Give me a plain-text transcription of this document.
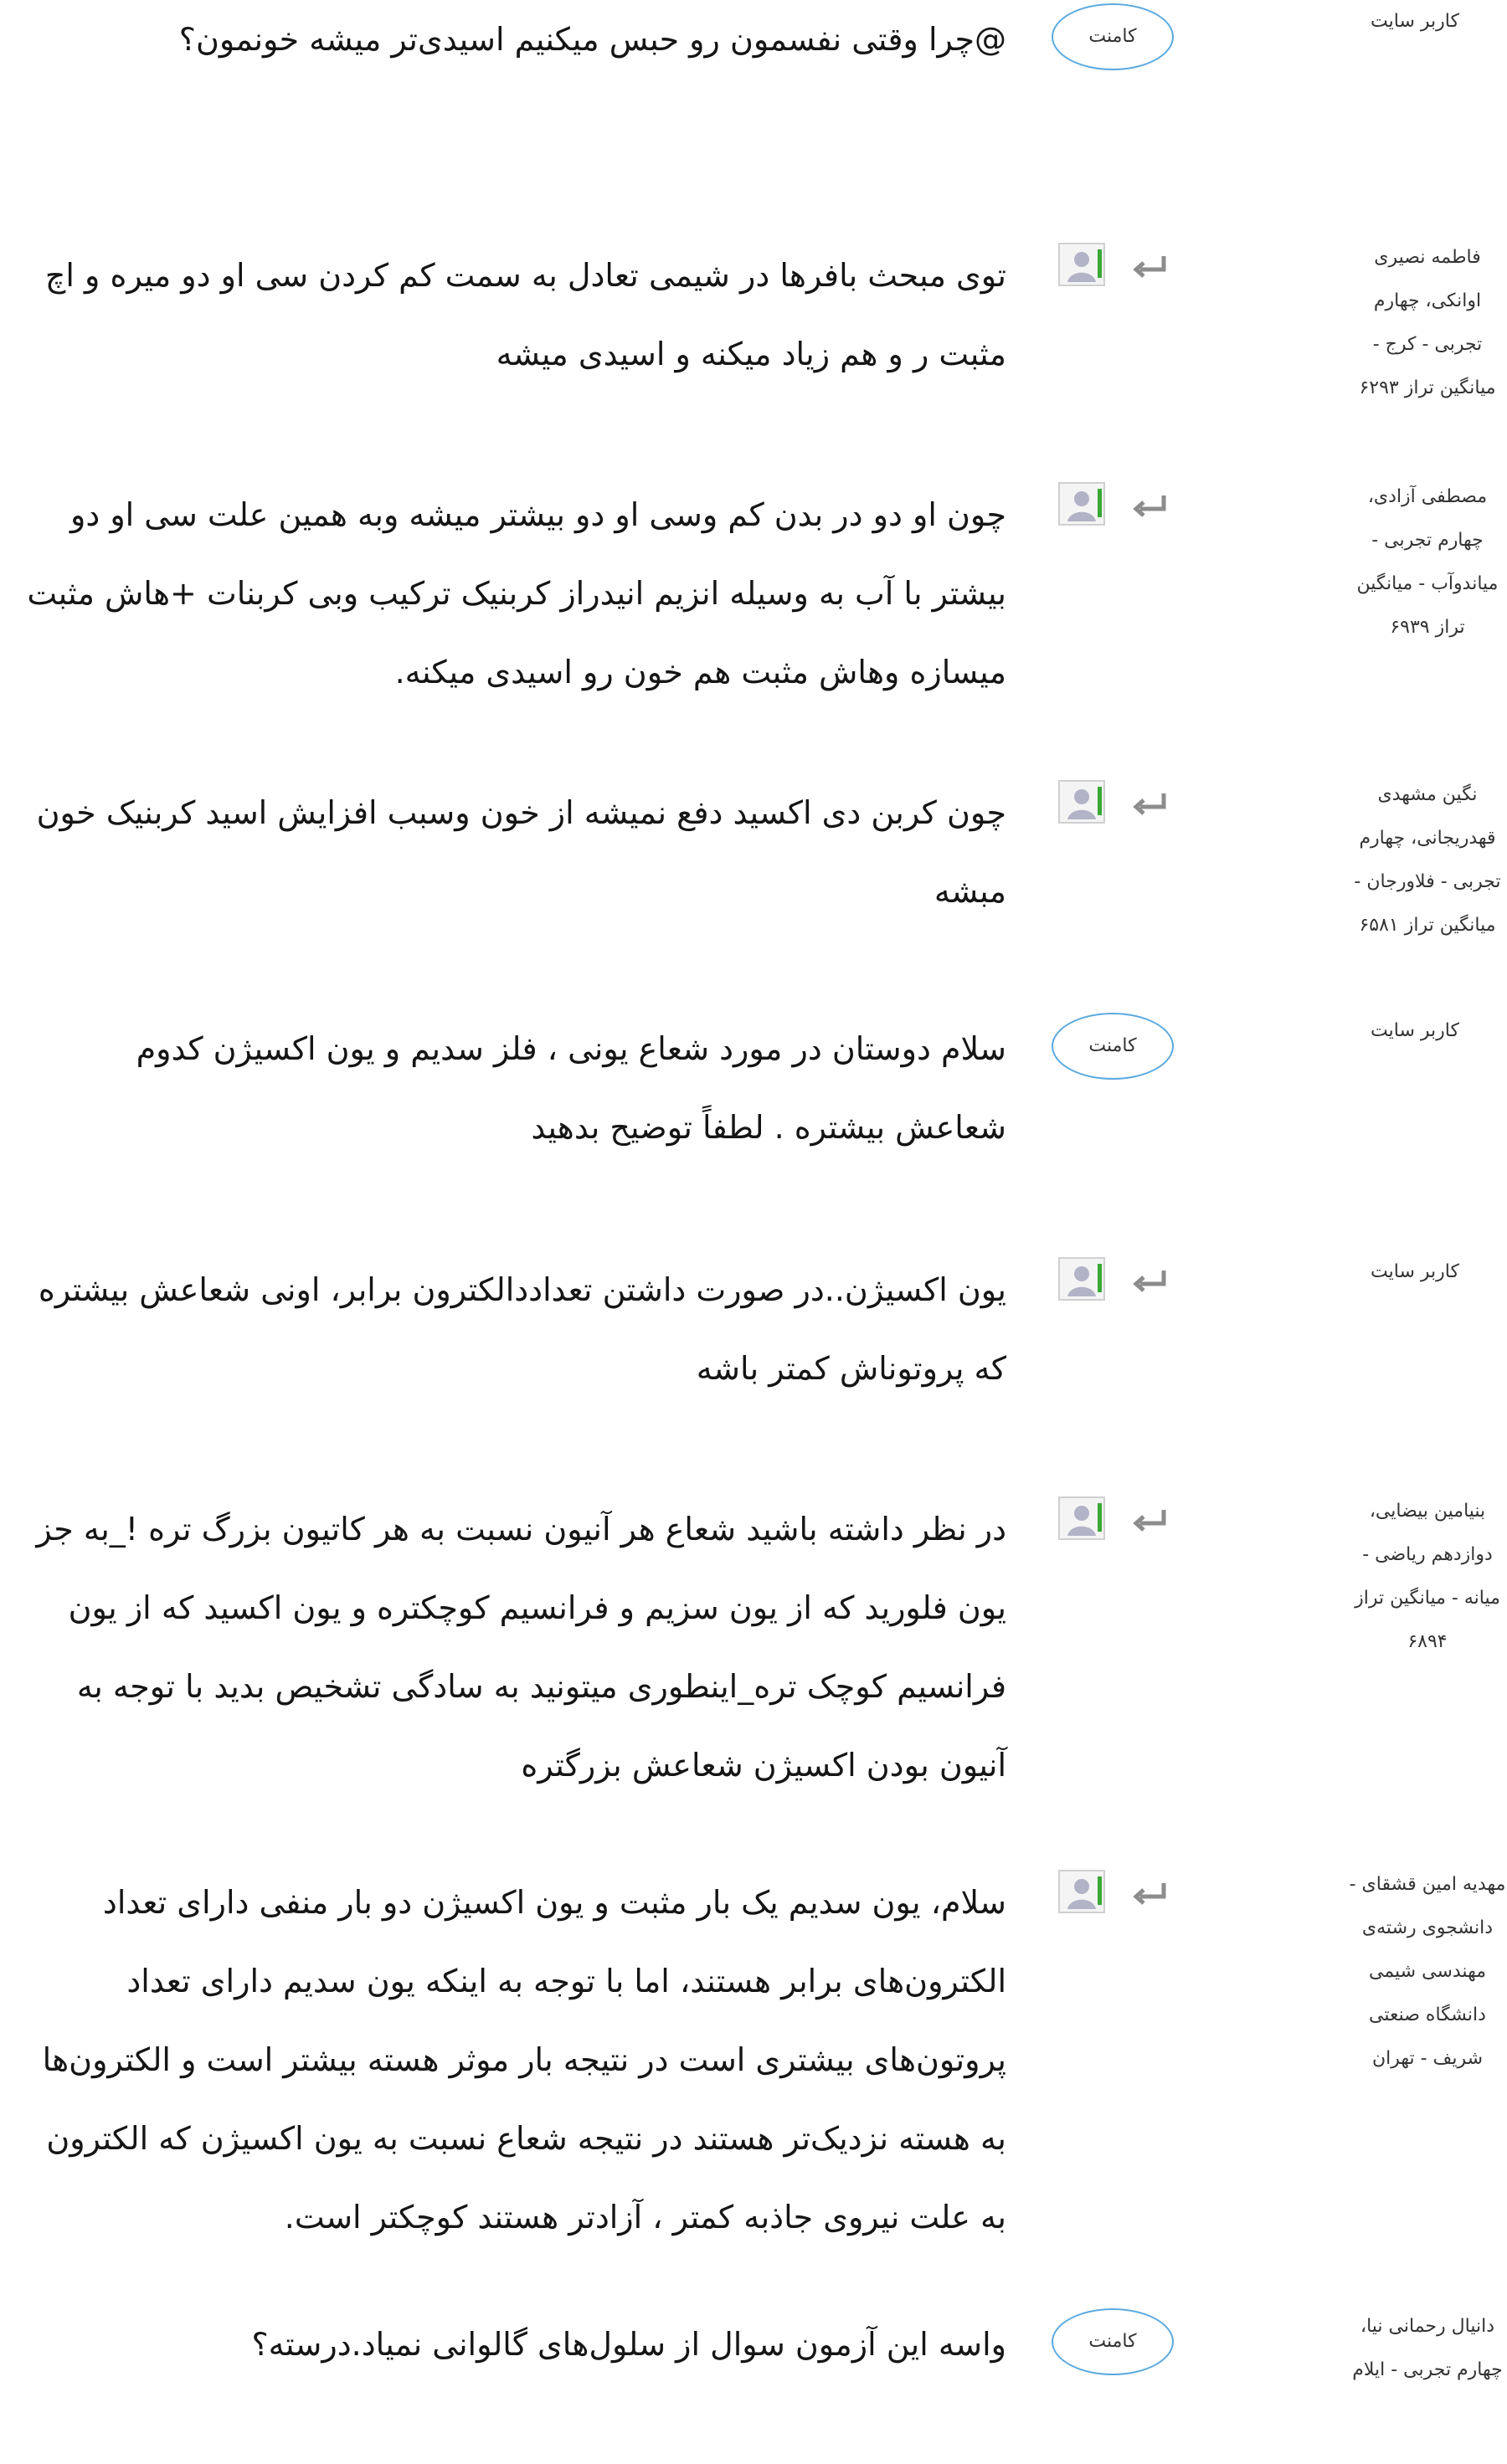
کاربر سایت
کامنت
@چرا وقتی نفسمون رو حبس میکنیم اسیدی‌تر میشه خونمون؟
فاطمه نصیری اوانکی، چهارم تجربی - کرج - میانگین تراز ۶۲۹۳
توی مبحث بافرها در شیمی تعادل به سمت کم کردن سی او دو میره و اچ مثبت ر و هم زیاد میکنه و اسیدی میشه
مصطفی آزادی، چهارم تجربی - میاندوآب - میانگین تراز ۶۹۳۹
چون او دو در بدن کم وسی او دو بیشتر میشه وبه همین علت سی او دو بیشتر با آب به وسیله انزیم انیدراز کربنیک ترکیب وبی کربنات +هاش مثبت میسازه وهاش مثبت هم خون رو اسیدی میکنه.
نگین مشهدی قهدریجانی، چهارم تجربی - فلاورجان - میانگین تراز ۶۵۸۱
چون کربن دی اکسید دفع نمیشه از خون وسبب افزایش اسید کربنیک خون مبشه
کاربر سایت
کامنت
سلام دوستان در مورد شعاع یونی ، فلز سدیم و یون اکسیژن کدوم شعاعش بیشتره . لطفاً توضیح بدهید
کاربر سایت
یون اکسیژن..در صورت داشتن تعداددالکترون برابر، اونی شعاعش بیشتره که پروتوناش کمتر باشه
بنیامین بیضایی، دوازدهم ریاضی - میانه - میانگین تراز ۶۸۹۴
در نظر داشته باشید شعاع هر آنیون نسبت به هر کاتیون بزرگ تره !_به جز یون فلورید که از یون سزیم و فرانسیم کوچکتره و یون اکسید که از یون فرانسیم کوچک تره_اینطوری میتونید به سادگی تشخیص بدید با توجه به آنیون بودن اکسیژن شعاعش بزرگتره
مهدیه امین قشقای - دانشجوی رشته‌ی مهندسی شیمی دانشگاه صنعتی شریف - تهران
سلام، یون سدیم یک بار مثبت و یون اکسیژن دو بار منفی دارای تعداد الکترون‌های برابر هستند، اما با توجه به اینکه یون سدیم دارای تعداد پروتون‌های بیشتری است در نتیجه بار موثر هسته بیشتر است و الکترون‌ها به هسته نزدیک‌تر هستند در نتیجه شعاع نسبت به یون اکسیژن که الکترون به علت نیروی جاذبه کمتر ، آزادتر هستند کوچکتر است.
دانیال رحمانی نیا، چهارم تجربی - ایلام
کامنت
واسه این آزمون سوال از سلول‌های گالوانی نمیاد.درسته؟
